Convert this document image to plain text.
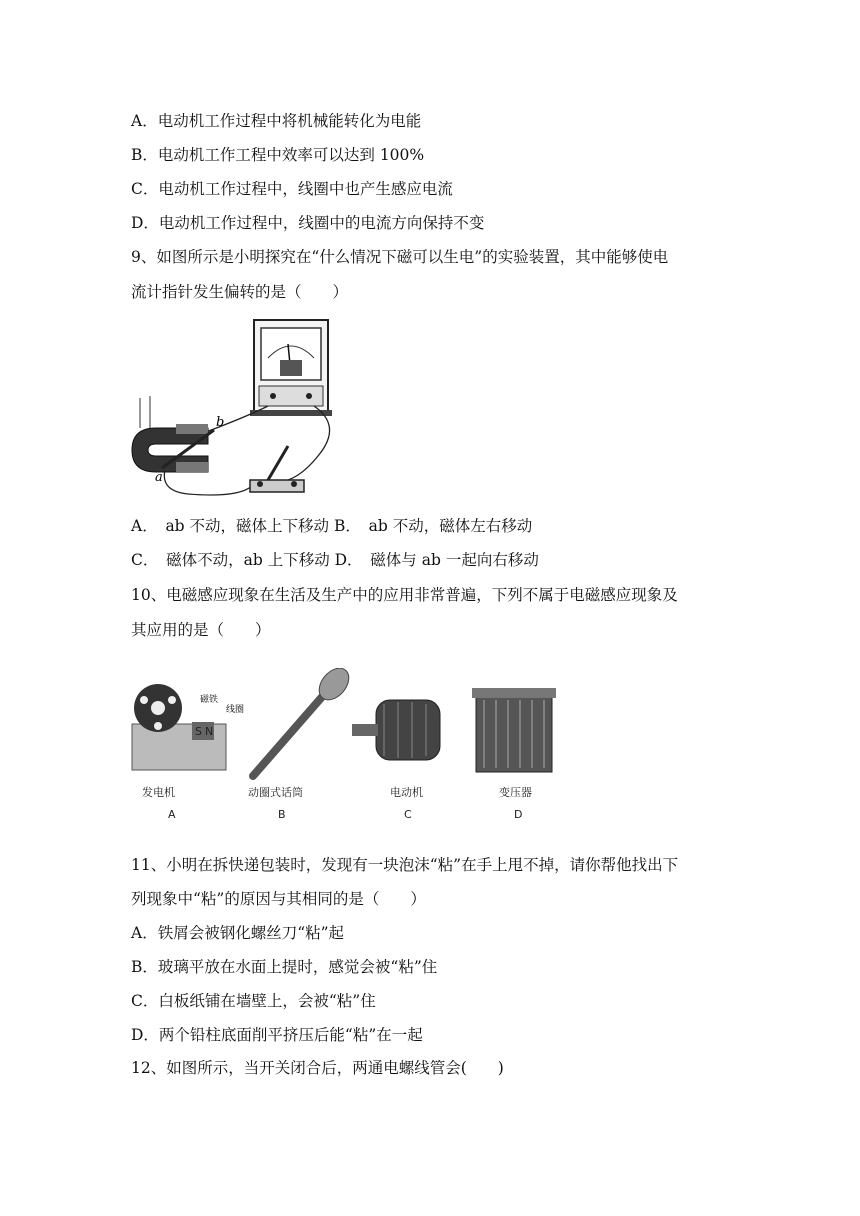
A．电动机工作过程中将机械能转化为电能
B．电动机工作工程中效率可以达到 100%
C．电动机工作过程中，线圈中也产生感应电流
D．电动机工作过程中，线圈中的电流方向保持不变
9、如图所示是小明探究在“什么情况下磁可以生电”的实验装置，其中能够使电
流计指针发生偏转的是（　　）
a
b
A．　ab 不动，磁体上下移动 B．　ab 不动，磁体左右移动
C．　磁体不动，ab 上下移动 D．　磁体与 ab 一起向右移动
10、电磁感应现象在生活及生产中的应用非常普遍，下列不属于电磁感应现象及
其应用的是（　　）
S N
磁铁
线圈
发电机
A
动圈式话筒
B
电动机
C
变压器
D
11、小明在拆快递包装时，发现有一块泡沫“粘”在手上甩不掉，请你帮他找出下
列现象中“粘”的原因与其相同的是（　　）
A．铁屑会被钢化螺丝刀“粘”起
B．玻璃平放在水面上提时，感觉会被“粘”住
C．白板纸铺在墙壁上，会被“粘”住
D．两个铅柱底面削平挤压后能“粘”在一起
12、如图所示，当开关闭合后，两通电螺线管会(　　)
